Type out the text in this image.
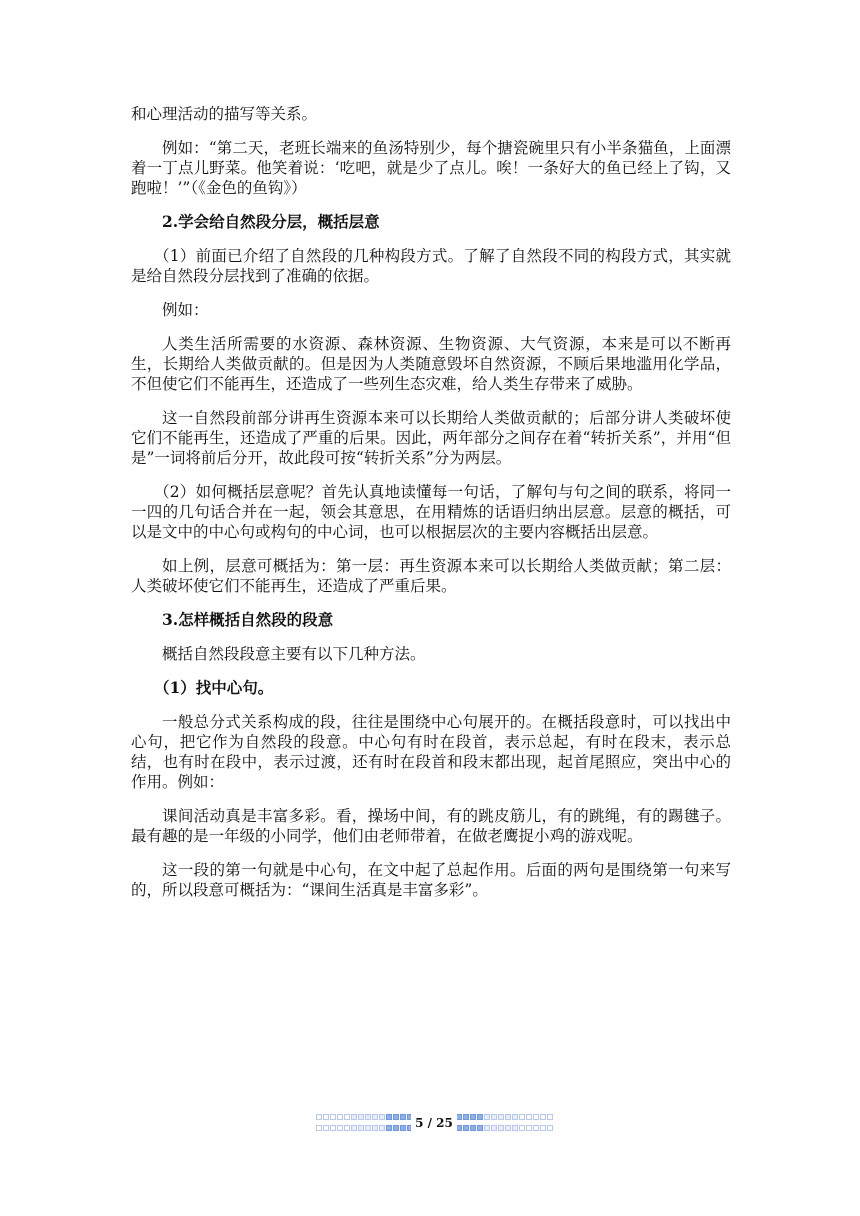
和心理活动的描写等关系。

例如：“第二天，老班长端来的鱼汤特别少，每个搪瓷碗里只有小半条猫鱼，上面漂着一丁点儿野菜。他笑着说：‘吃吧，就是少了点儿。唉！一条好大的鱼已经上了钩，又跑啦！’”（《金色的鱼钩》）

2.学会给自然段分层，概括层意

（1）前面已介绍了自然段的几种构段方式。了解了自然段不同的构段方式，其实就是给自然段分层找到了准确的依据。

例如：

人类生活所需要的水资源、森林资源、生物资源、大气资源，本来是可以不断再生，长期给人类做贡献的。但是因为人类随意毁坏自然资源，不顾后果地滥用化学品，不但使它们不能再生，还造成了一些列生态灾难，给人类生存带来了威胁。

这一自然段前部分讲再生资源本来可以长期给人类做贡献的；后部分讲人类破坏使它们不能再生，还造成了严重的后果。因此，两年部分之间存在着“转折关系”，并用“但是”一词将前后分开，故此段可按“转折关系”分为两层。

（2）如何概括层意呢？首先认真地读懂每一句话，了解句与句之间的联系，将同一一四的几句话合并在一起，领会其意思，在用精炼的话语归纳出层意。层意的概括，可以是文中的中心句或构句的中心词，也可以根据层次的主要内容概括出层意。

如上例，层意可概括为：第一层：再生资源本来可以长期给人类做贡献；第二层：人类破坏使它们不能再生，还造成了严重后果。

3.怎样概括自然段的段意

概括自然段段意主要有以下几种方法。

（1）找中心句。

一般总分式关系构成的段，往往是围绕中心句展开的。在概括段意时，可以找出中心句，把它作为自然段的段意。中心句有时在段首，表示总起，有时在段末，表示总结，也有时在段中，表示过渡，还有时在段首和段末都出现，起首尾照应，突出中心的作用。例如：

课间活动真是丰富多彩。看，操场中间，有的跳皮筋儿，有的跳绳，有的踢毽子。最有趣的是一年级的小同学，他们由老师带着，在做老鹰捉小鸡的游戏呢。

这一段的第一句就是中心句，在文中起了总起作用。后面的两句是围绕第一句来写的，所以段意可概括为：“课间生活真是丰富多彩”。

5 / 25
